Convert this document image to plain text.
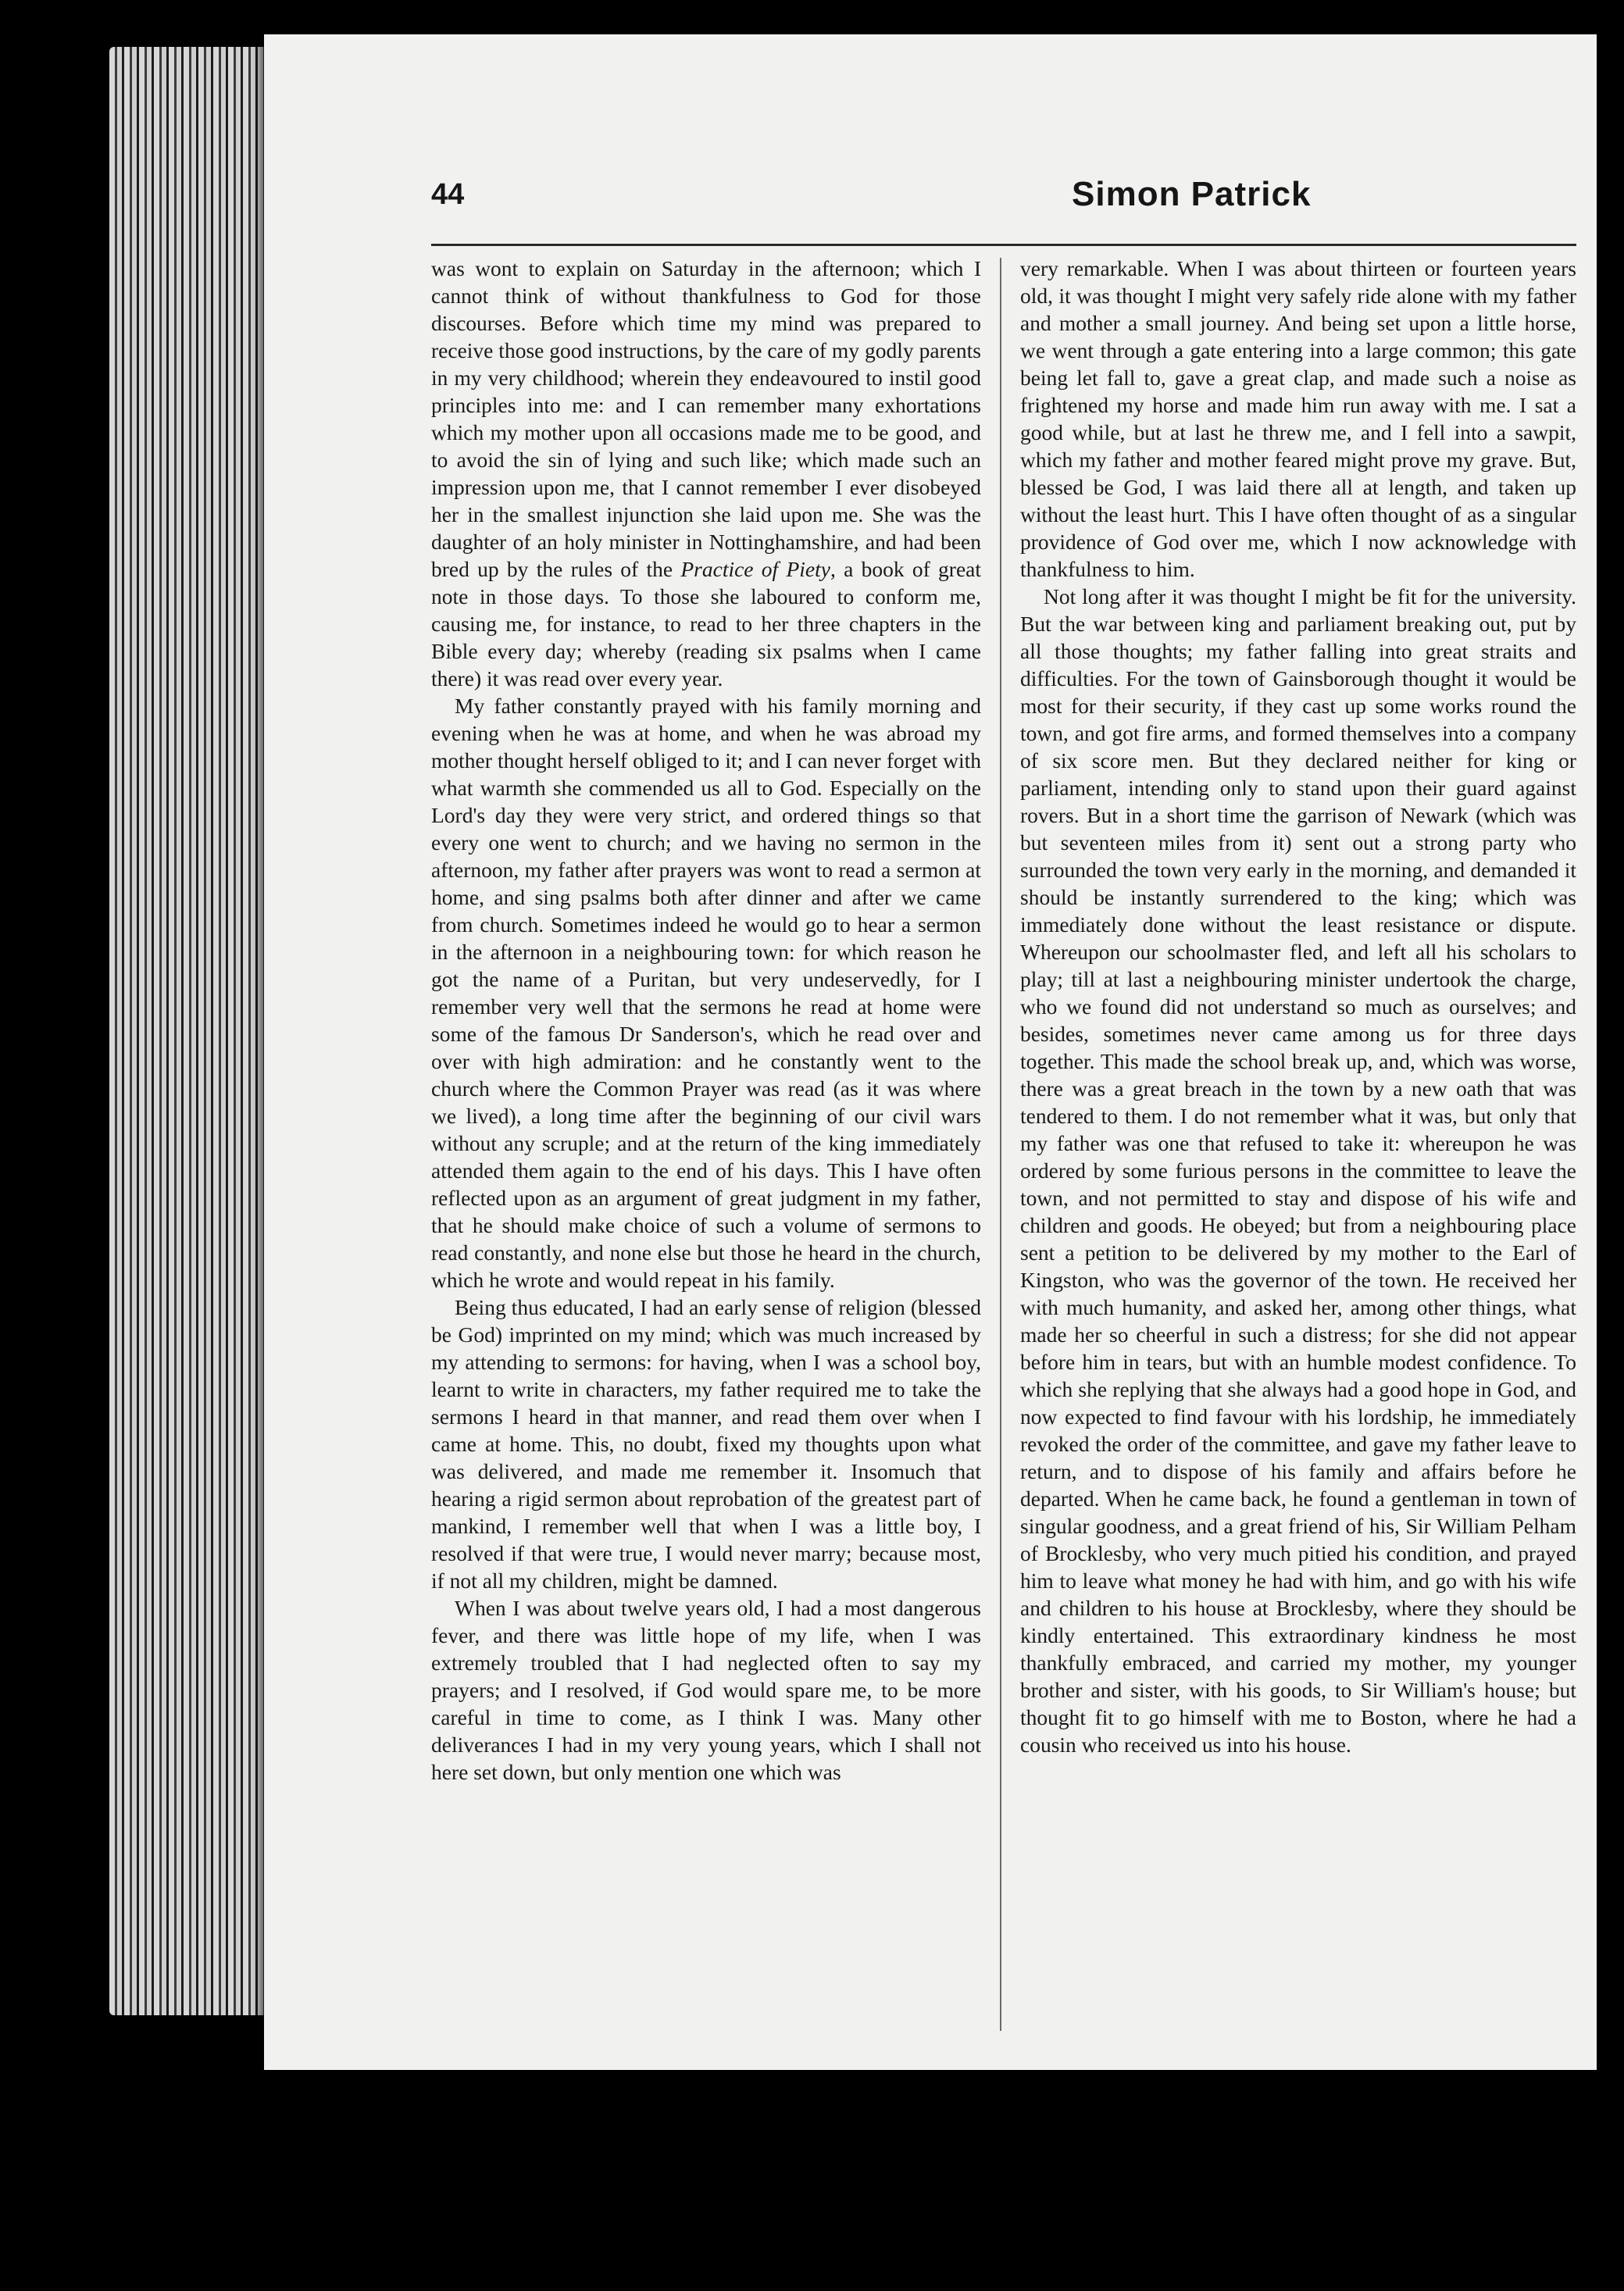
44	Simon Patrick

was wont to explain on Saturday in the afternoon; which I cannot think of without thankfulness to God for those discourses. Before which time my mind was prepared to receive those good instructions, by the care of my godly parents in my very childhood; wherein they endeavoured to instil good principles into me: and I can remember many exhortations which my mother upon all occasions made me to be good, and to avoid the sin of lying and such like; which made such an impression upon me, that I cannot remember I ever disobeyed her in the smallest injunction she laid upon me. She was the daughter of an holy minister in Nottinghamshire, and had been bred up by the rules of the Practice of Piety, a book of great note in those days. To those she laboured to conform me, causing me, for instance, to read to her three chapters in the Bible every day; whereby (reading six psalms when I came there) it was read over every year.

My father constantly prayed with his family morning and evening when he was at home, and when he was abroad my mother thought herself obliged to it; and I can never forget with what warmth she commended us all to God. Especially on the Lord's day they were very strict, and ordered things so that every one went to church; and we having no sermon in the afternoon, my father after prayers was wont to read a sermon at home, and sing psalms both after dinner and after we came from church. Sometimes indeed he would go to hear a sermon in the afternoon in a neighbouring town: for which reason he got the name of a Puritan, but very undeservedly, for I remember very well that the sermons he read at home were some of the famous Dr Sanderson's, which he read over and over with high admiration: and he constantly went to the church where the Common Prayer was read (as it was where we lived), a long time after the beginning of our civil wars without any scruple; and at the return of the king immediately attended them again to the end of his days. This I have often reflected upon as an argument of great judgment in my father, that he should make choice of such a volume of sermons to read constantly, and none else but those he heard in the church, which he wrote and would repeat in his family.

Being thus educated, I had an early sense of religion (blessed be God) imprinted on my mind; which was much increased by my attending to sermons: for having, when I was a school boy, learnt to write in characters, my father required me to take the sermons I heard in that manner, and read them over when I came at home. This, no doubt, fixed my thoughts upon what was delivered, and made me remember it. Insomuch that hearing a rigid sermon about reprobation of the greatest part of mankind, I remember well that when I was a little boy, I resolved if that were true, I would never marry; because most, if not all my children, might be damned.

When I was about twelve years old, I had a most dangerous fever, and there was little hope of my life, when I was extremely troubled that I had neglected often to say my prayers; and I resolved, if God would spare me, to be more careful in time to come, as I think I was. Many other deliverances I had in my very young years, which I shall not here set down, but only mention one which was

very remarkable. When I was about thirteen or fourteen years old, it was thought I might very safely ride alone with my father and mother a small journey. And being set upon a little horse, we went through a gate entering into a large common; this gate being let fall to, gave a great clap, and made such a noise as frightened my horse and made him run away with me. I sat a good while, but at last he threw me, and I fell into a sawpit, which my father and mother feared might prove my grave. But, blessed be God, I was laid there all at length, and taken up without the least hurt. This I have often thought of as a singular providence of God over me, which I now acknowledge with thankfulness to him.

Not long after it was thought I might be fit for the university. But the war between king and parliament breaking out, put by all those thoughts; my father falling into great straits and difficulties. For the town of Gainsborough thought it would be most for their security, if they cast up some works round the town, and got fire arms, and formed themselves into a company of six score men. But they declared neither for king or parliament, intending only to stand upon their guard against rovers. But in a short time the garrison of Newark (which was but seventeen miles from it) sent out a strong party who surrounded the town very early in the morning, and demanded it should be instantly surrendered to the king; which was immediately done without the least resistance or dispute. Whereupon our schoolmaster fled, and left all his scholars to play; till at last a neighbouring minister undertook the charge, who we found did not understand so much as ourselves; and besides, sometimes never came among us for three days together. This made the school break up, and, which was worse, there was a great breach in the town by a new oath that was tendered to them. I do not remember what it was, but only that my father was one that refused to take it: whereupon he was ordered by some furious persons in the committee to leave the town, and not permitted to stay and dispose of his wife and children and goods. He obeyed; but from a neighbouring place sent a petition to be delivered by my mother to the Earl of Kingston, who was the governor of the town. He received her with much humanity, and asked her, among other things, what made her so cheerful in such a distress; for she did not appear before him in tears, but with an humble modest confidence. To which she replying that she always had a good hope in God, and now expected to find favour with his lordship, he immediately revoked the order of the committee, and gave my father leave to return, and to dispose of his family and affairs before he departed. When he came back, he found a gentleman in town of singular goodness, and a great friend of his, Sir William Pelham of Brocklesby, who very much pitied his condition, and prayed him to leave what money he had with him, and go with his wife and children to his house at Brocklesby, where they should be kindly entertained. This extraordinary kindness he most thankfully embraced, and carried my mother, my younger brother and sister, with his goods, to Sir William's house; but thought fit to go himself with me to Boston, where he had a cousin who received us into his house.
